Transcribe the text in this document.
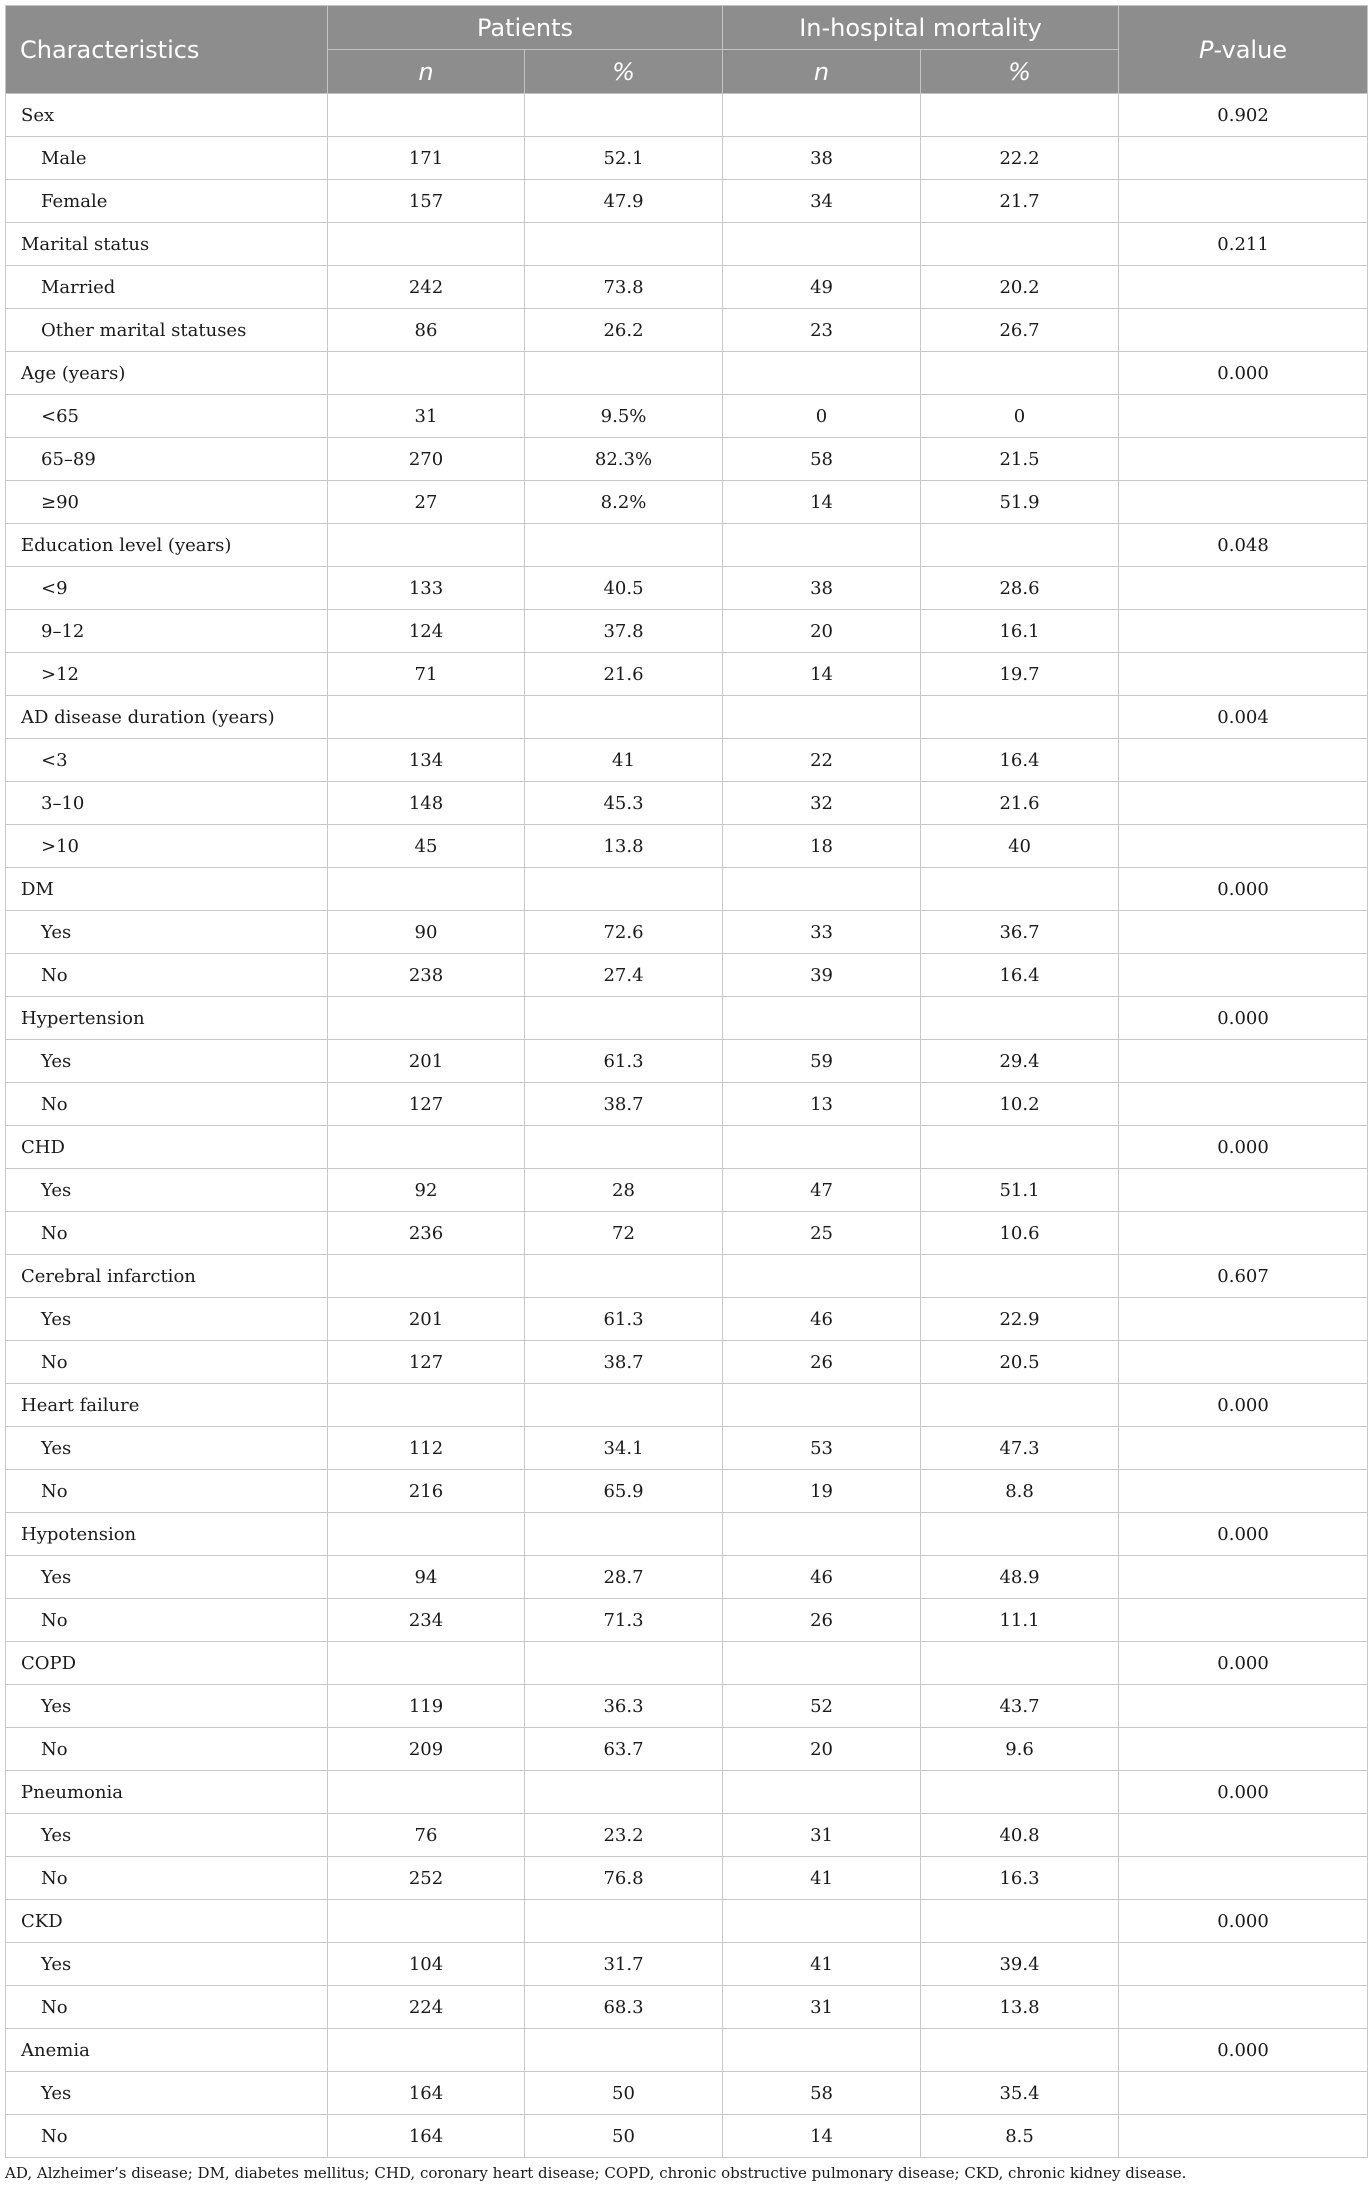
Characteristics	Patients		In-hospital mortality		P-value
	n	%	n	%	
Sex					0.902
Male	171	52.1	38	22.2	
Female	157	47.9	34	21.7	
Marital status					0.211
Married	242	73.8	49	20.2	
Other marital statuses	86	26.2	23	26.7	
Age (years)					0.000
<65	31	9.5%	0	0	
65–89	270	82.3%	58	21.5	
≥90	27	8.2%	14	51.9	
Education level (years)					0.048
<9	133	40.5	38	28.6	
9–12	124	37.8	20	16.1	
>12	71	21.6	14	19.7	
AD disease duration (years)					0.004
<3	134	41	22	16.4	
3–10	148	45.3	32	21.6	
>10	45	13.8	18	40	
DM					0.000
Yes	90	72.6	33	36.7	
No	238	27.4	39	16.4	
Hypertension					0.000
Yes	201	61.3	59	29.4	
No	127	38.7	13	10.2	
CHD					0.000
Yes	92	28	47	51.1	
No	236	72	25	10.6	
Cerebral infarction					0.607
Yes	201	61.3	46	22.9	
No	127	38.7	26	20.5	
Heart failure					0.000
Yes	112	34.1	53	47.3	
No	216	65.9	19	8.8	
Hypotension					0.000
Yes	94	28.7	46	48.9	
No	234	71.3	26	11.1	
COPD					0.000
Yes	119	36.3	52	43.7	
No	209	63.7	20	9.6	
Pneumonia					0.000
Yes	76	23.2	31	40.8	
No	252	76.8	41	16.3	
CKD					0.000
Yes	104	31.7	41	39.4	
No	224	68.3	31	13.8	
Anemia					0.000
Yes	164	50	58	35.4	
No	164	50	14	8.5	
AD, Alzheimer’s disease; DM, diabetes mellitus; CHD, coronary heart disease; COPD, chronic obstructive pulmonary disease; CKD, chronic kidney disease.
